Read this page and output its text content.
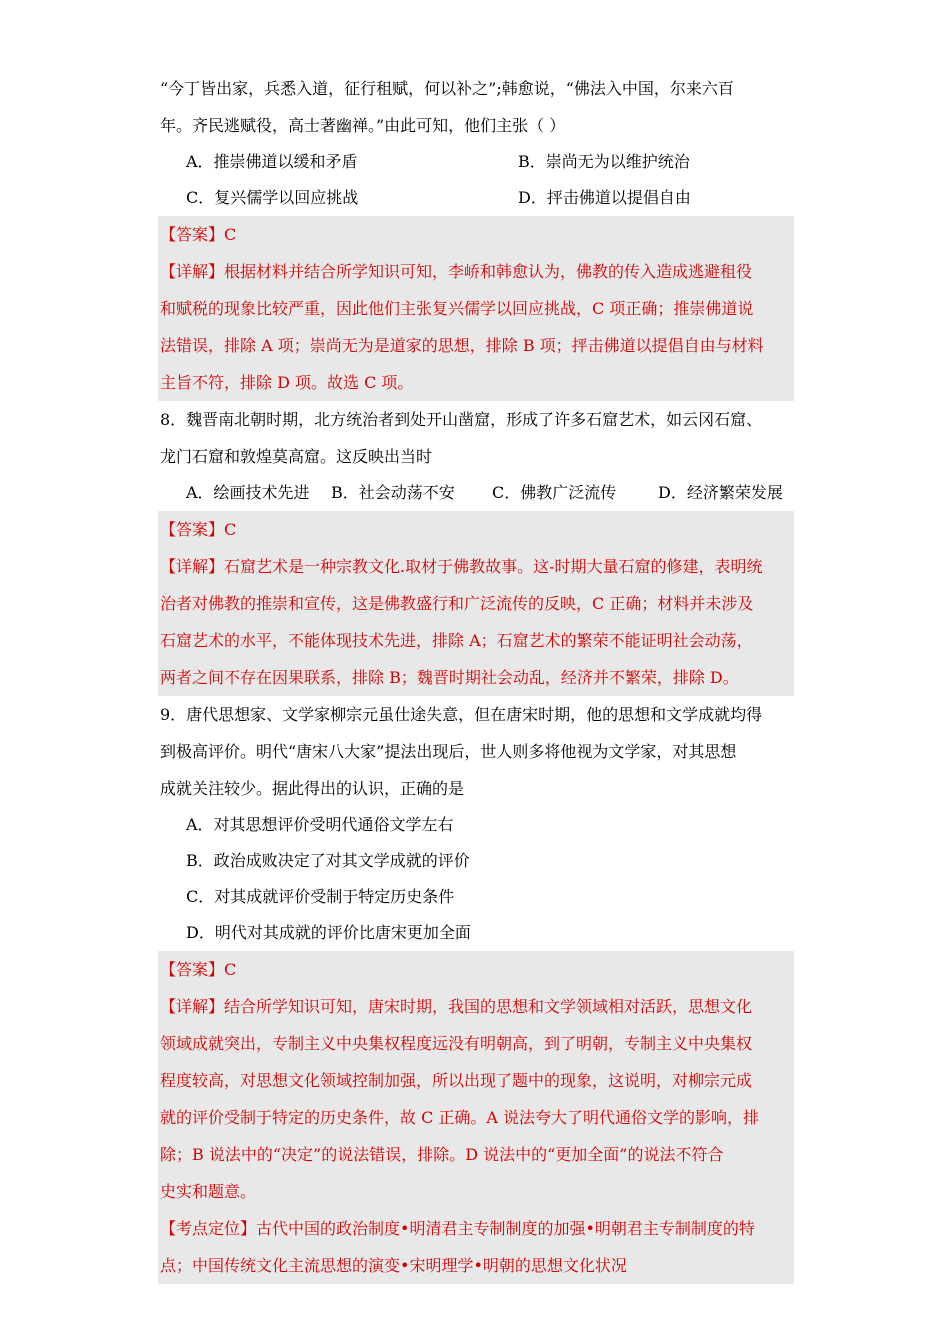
“今丁皆出家，兵悉入道，征行租赋，何以补之”;韩愈说，“佛法入中国，尔来六百
年。齐民逃赋役，高士著幽禅。”由此可知，他们主张（ ）
A．推崇佛道以缓和矛盾	B．崇尚无为以维护统治
C．复兴儒学以回应挑战	D．抨击佛道以提倡自由
【答案】C
【详解】根据材料并结合所学知识可知，李峤和韩愈认为，佛教的传入造成逃避租役
和赋税的现象比较严重，因此他们主张复兴儒学以回应挑战，C 项正确；推崇佛道说
法错误，排除 A 项；崇尚无为是道家的思想，排除 B 项；抨击佛道以提倡自由与材料
主旨不符，排除 D 项。故选 C 项。
8．魏晋南北朝时期，北方统治者到处开山凿窟，形成了许多石窟艺术，如云冈石窟、
龙门石窟和敦煌莫高窟。这反映出当时
A．绘画技术先进	B．社会动荡不安	C．佛教广泛流传	D．经济繁荣发展
【答案】C
【详解】石窟艺术是一种宗教文化.取材于佛教故事。这-时期大量石窟的修建，表明统
治者对佛教的推崇和宣传，这是佛教盛行和广泛流传的反映，C 正确；材料并未涉及
石窟艺术的水平，不能体现技术先进，排除 A；石窟艺术的繁荣不能证明社会动荡，
两者之间不存在因果联系，排除 B；魏晋时期社会动乱，经济并不繁荣，排除 D。
9．唐代思想家、文学家柳宗元虽仕途失意，但在唐宋时期，他的思想和文学成就均得
到极高评价。明代“唐宋八大家”提法出现后，世人则多将他视为文学家，对其思想
成就关注较少。据此得出的认识，正确的是
A．对其思想评价受明代通俗文学左右
B．政治成败决定了对其文学成就的评价
C．对其成就评价受制于特定历史条件
D．明代对其成就的评价比唐宋更加全面
【答案】C
【详解】结合所学知识可知，唐宋时期，我国的思想和文学领域相对活跃，思想文化
领域成就突出，专制主义中央集权程度远没有明朝高，到了明朝，专制主义中央集权
程度较高，对思想文化领域控制加强，所以出现了题中的现象，这说明，对柳宗元成
就的评价受制于特定的历史条件，故 C 正确。A 说法夸大了明代通俗文学的影响，排
除；B 说法中的“决定”的说法错误，排除。D 说法中的“更加全面”的说法不符合
史实和题意。
【考点定位】古代中国的政治制度•明清君主专制制度的加强•明朝君主专制制度的特
点；中国传统文化主流思想的演变•宋明理学•明朝的思想文化状况
